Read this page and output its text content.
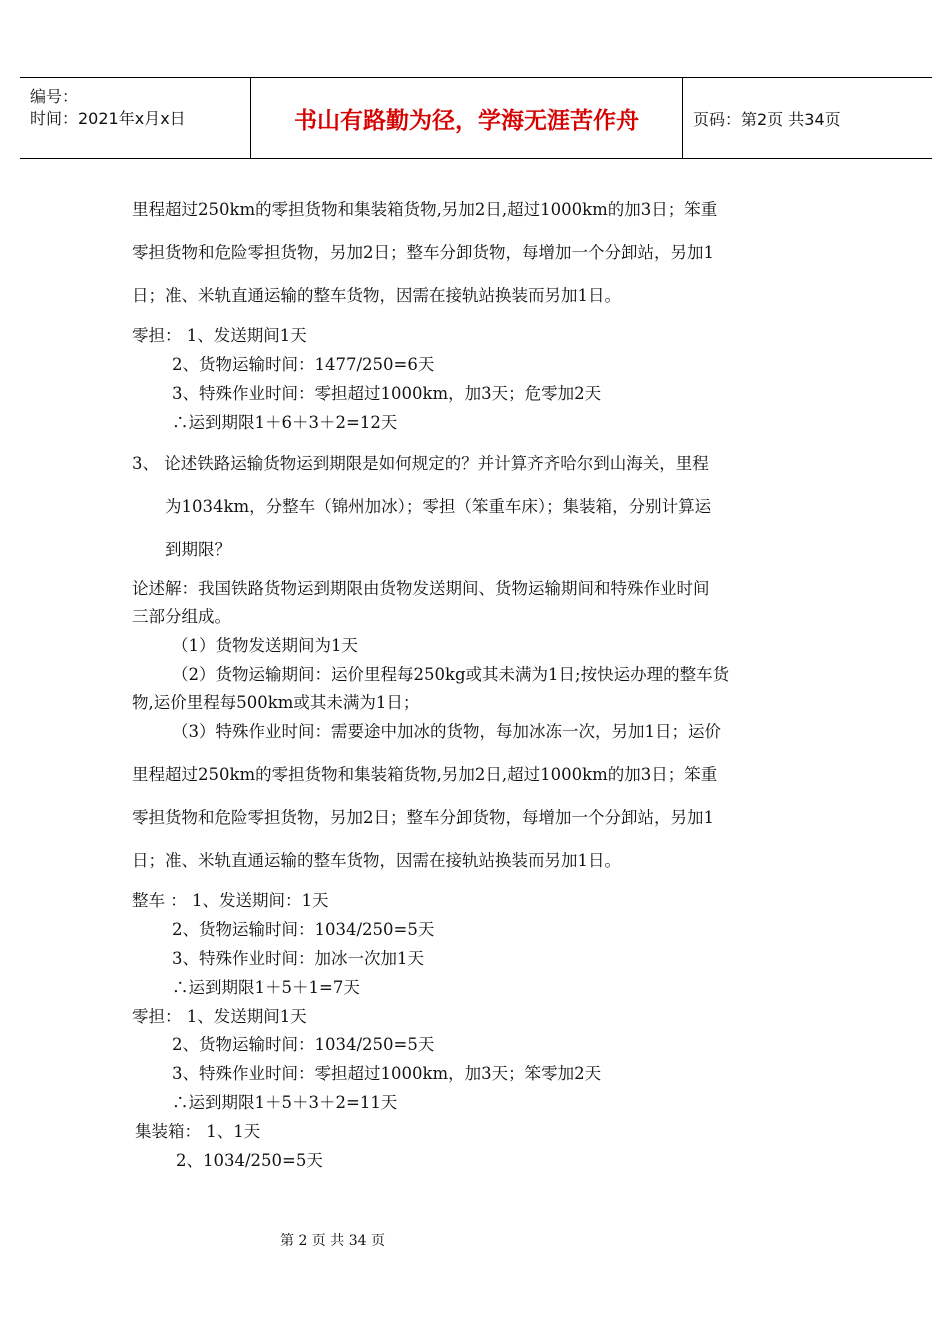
编号：
时间：2021年x月x日	书山有路勤为径，学海无涯苦作舟	页码：第2页 共34页
里程超过250km的零担货物和集装箱货物,另加2日,超过1000km的加3日；笨重
零担货物和危险零担货物，另加2日；整车分卸货物，每增加一个分卸站，另加1
日；准、米轨直通运输的整车货物，因需在接轨站换装而另加1日。
零担： 1、发送期间1天
2、货物运输时间：1477/250=6天
3、特殊作业时间：零担超过1000km，加3天；危零加2天
∴运到期限1＋6＋3＋2=12天
3、 论述铁路运输货物运到期限是如何规定的？并计算齐齐哈尔到山海关，里程
为1034km，分整车（锦州加冰）；零担（笨重车床）；集装箱，分别计算运
到期限？
论述解：我国铁路货物运到期限由货物发送期间、货物运输期间和特殊作业时间
三部分组成。
（1）货物发送期间为1天
（2）货物运输期间：运价里程每250kg或其未满为1日;按快运办理的整车货
物,运价里程每500km或其未满为1日；
（3）特殊作业时间：需要途中加冰的货物，每加冰冻一次，另加1日；运价
里程超过250km的零担货物和集装箱货物,另加2日,超过1000km的加3日；笨重
零担货物和危险零担货物，另加2日；整车分卸货物，每增加一个分卸站，另加1
日；准、米轨直通运输的整车货物，因需在接轨站换装而另加1日。
整车 ： 1、发送期间：1天
2、货物运输时间：1034/250=5天
3、特殊作业时间：加冰一次加1天
∴运到期限1＋5＋1=7天
零担： 1、发送期间1天
2、货物运输时间：1034/250=5天
3、特殊作业时间：零担超过1000km，加3天；笨零加2天
∴运到期限1＋5＋3＋2=11天
集装箱： 1、1天
2、1034/250=5天
第 2 页 共 34 页
